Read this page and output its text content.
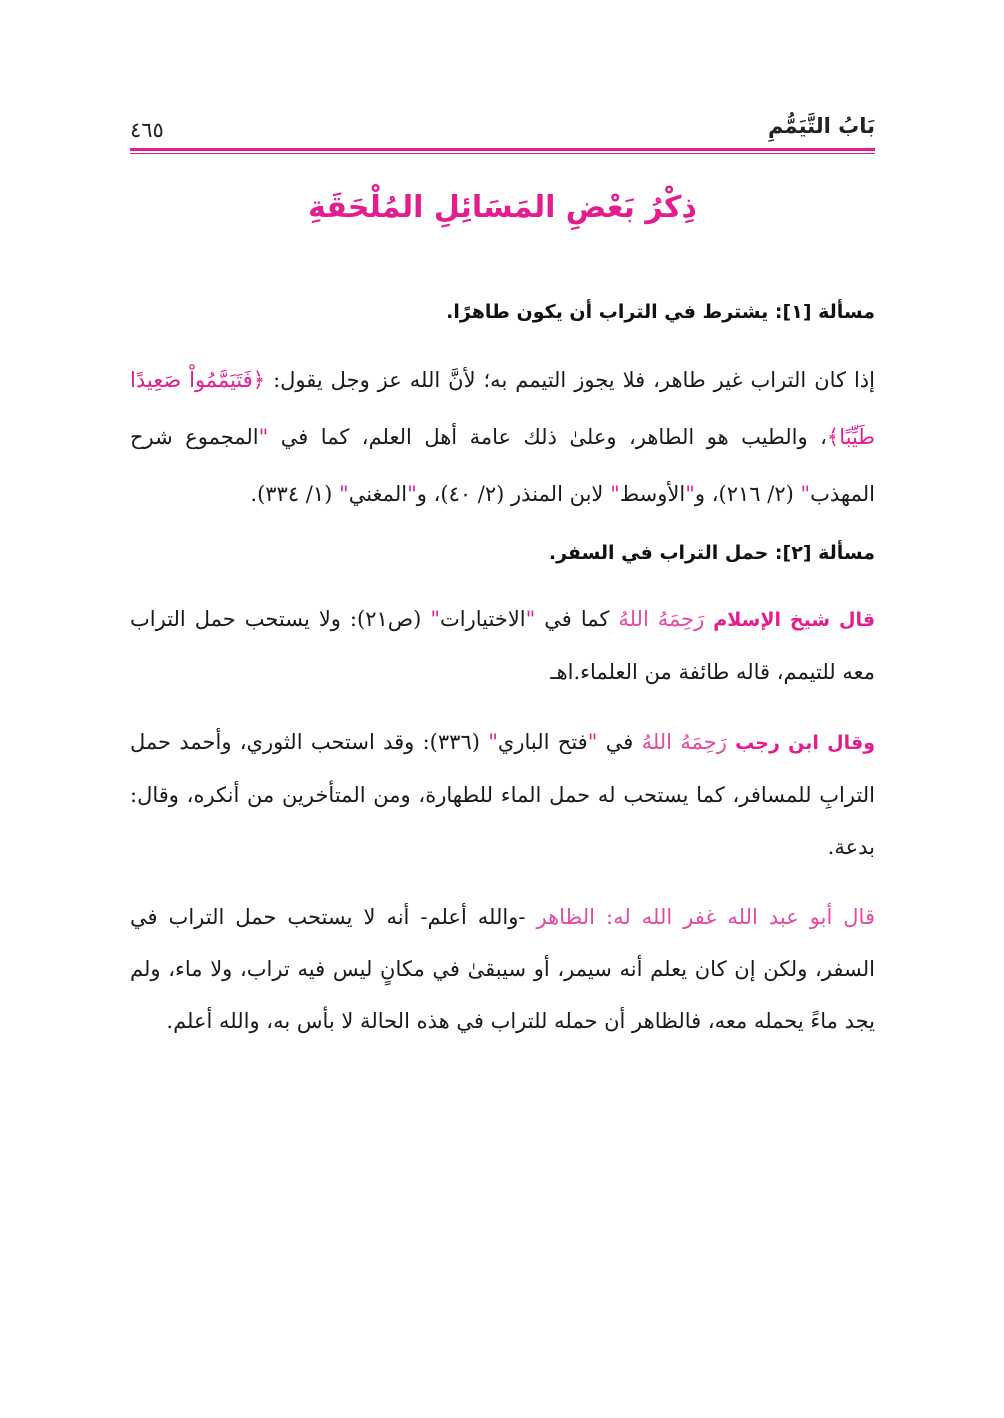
بَابُ التَّيَمُّمِ
٤٦٥
ذِكْرُ بَعْضِ المَسَائِلِ المُلْحَقَةِ
مسألة [١]: يشترط في التراب أن يكون طاهرًا.

إذا كان التراب غير طاهر، فلا يجوز التيمم به؛ لأنَّ الله عز وجل يقول: ﴿فَتَيَمَّمُواْ صَعِيدًا طَيِّبًا﴾، والطيب هو الطاهر، وعلىٰ ذلك عامة أهل العلم، كما في "المجموع شرح المهذب" (٢/ ٢١٦)، و"الأوسط" لابن المنذر (٢/ ٤٠)، و"المغني" (١/ ٣٣٤).

مسألة [٢]: حمل التراب في السفر.

قال شيخ الإسلام رَحِمَهُ اللهُ كما في "الاختيارات" (ص٢١): ولا يستحب حمل التراب معه للتيمم، قاله طائفة من العلماء.اهـ

وقال ابن رجب رَحِمَهُ اللهُ في "فتح الباري" (٣٣٦): وقد استحب الثوري، وأحمد حمل الترابِ للمسافر، كما يستحب له حمل الماء للطهارة، ومن المتأخرين من أنكره، وقال: بدعة.

قال أبو عبد الله غفر الله له: الظاهر -والله أعلم- أنه لا يستحب حمل التراب في السفر، ولكن إن كان يعلم أنه سيمر، أو سيبقىٰ في مكانٍ ليس فيه تراب، ولا ماء، ولم يجد ماءً يحمله معه، فالظاهر أن حمله للتراب في هذه الحالة لا بأس به، والله أعلم.
